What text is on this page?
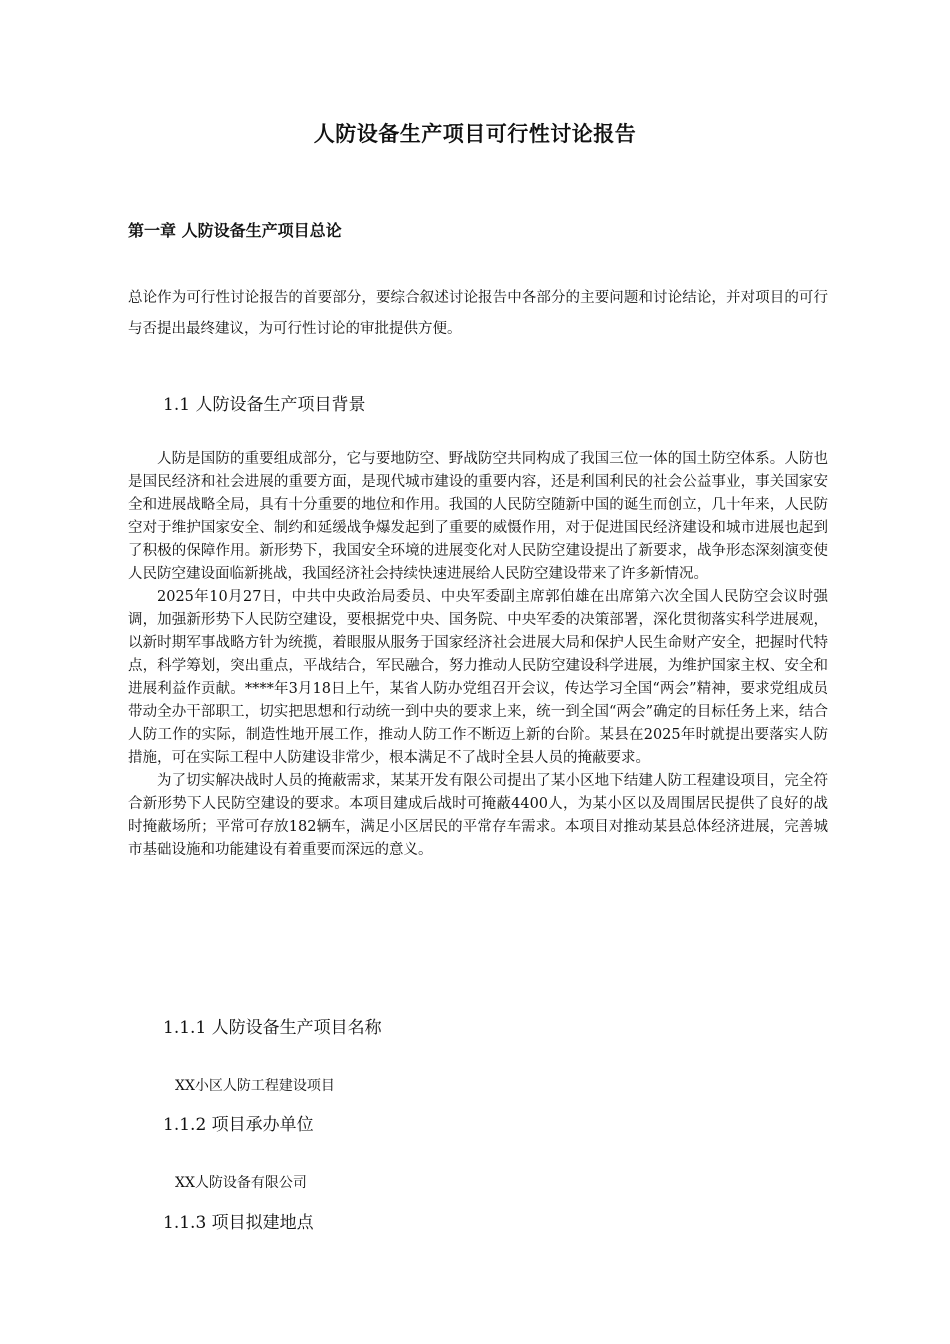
人防设备生产项目可行性讨论报告
第一章 人防设备生产项目总论

总论作为可行性讨论报告的首要部分，要综合叙述讨论报告中各部分的主要问题和讨论结论，并对项目的可行与否提出最终建议，为可行性讨论的审批提供方便。

1.1 人防设备生产项目背景

人防是国防的重要组成部分，它与要地防空、野战防空共同构成了我国三位一体的国土防空体系。人防也是国民经济和社会进展的重要方面，是现代城市建设的重要内容，还是利国利民的社会公益事业，事关国家安全和进展战略全局，具有十分重要的地位和作用。我国的人民防空随新中国的诞生而创立，几十年来，人民防空对于维护国家安全、制约和延缓战争爆发起到了重要的威慑作用，对于促进国民经济建设和城市进展也起到了积极的保障作用。新形势下，我国安全环境的进展变化对人民防空建设提出了新要求，战争形态深刻演变使人民防空建设面临新挑战，我国经济社会持续快速进展给人民防空建设带来了许多新情况。

2025年10月27日，中共中央政治局委员、中央军委副主席郭伯雄在出席第六次全国人民防空会议时强调，加强新形势下人民防空建设，要根据党中央、国务院、中央军委的决策部署，深化贯彻落实科学进展观，以新时期军事战略方针为统揽，着眼服从服务于国家经济社会进展大局和保护人民生命财产安全，把握时代特点，科学筹划，突出重点，平战结合，军民融合，努力推动人民防空建设科学进展，为维护国家主权、安全和进展利益作贡献。****年3月18日上午，某省人防办党组召开会议，传达学习全国“两会”精神，要求党组成员带动全办干部职工，切实把思想和行动统一到中央的要求上来，统一到全国“两会”确定的目标任务上来，结合人防工作的实际，制造性地开展工作，推动人防工作不断迈上新的台阶。某县在2025年时就提出要落实人防措施，可在实际工程中人防建设非常少，根本满足不了战时全县人员的掩蔽要求。

为了切实解决战时人员的掩蔽需求，某某开发有限公司提出了某小区地下结建人防工程建设项目，完全符合新形势下人民防空建设的要求。本项目建成后战时可掩蔽4400人，为某小区以及周围居民提供了良好的战时掩蔽场所；平常可存放182辆车，满足小区居民的平常存车需求。本项目对推动某县总体经济进展，完善城市基础设施和功能建设有着重要而深远的意义。

1.1.1 人防设备生产项目名称
XX小区人防工程建设项目
1.1.2 项目承办单位
XX人防设备有限公司
1.1.3 项目拟建地点
